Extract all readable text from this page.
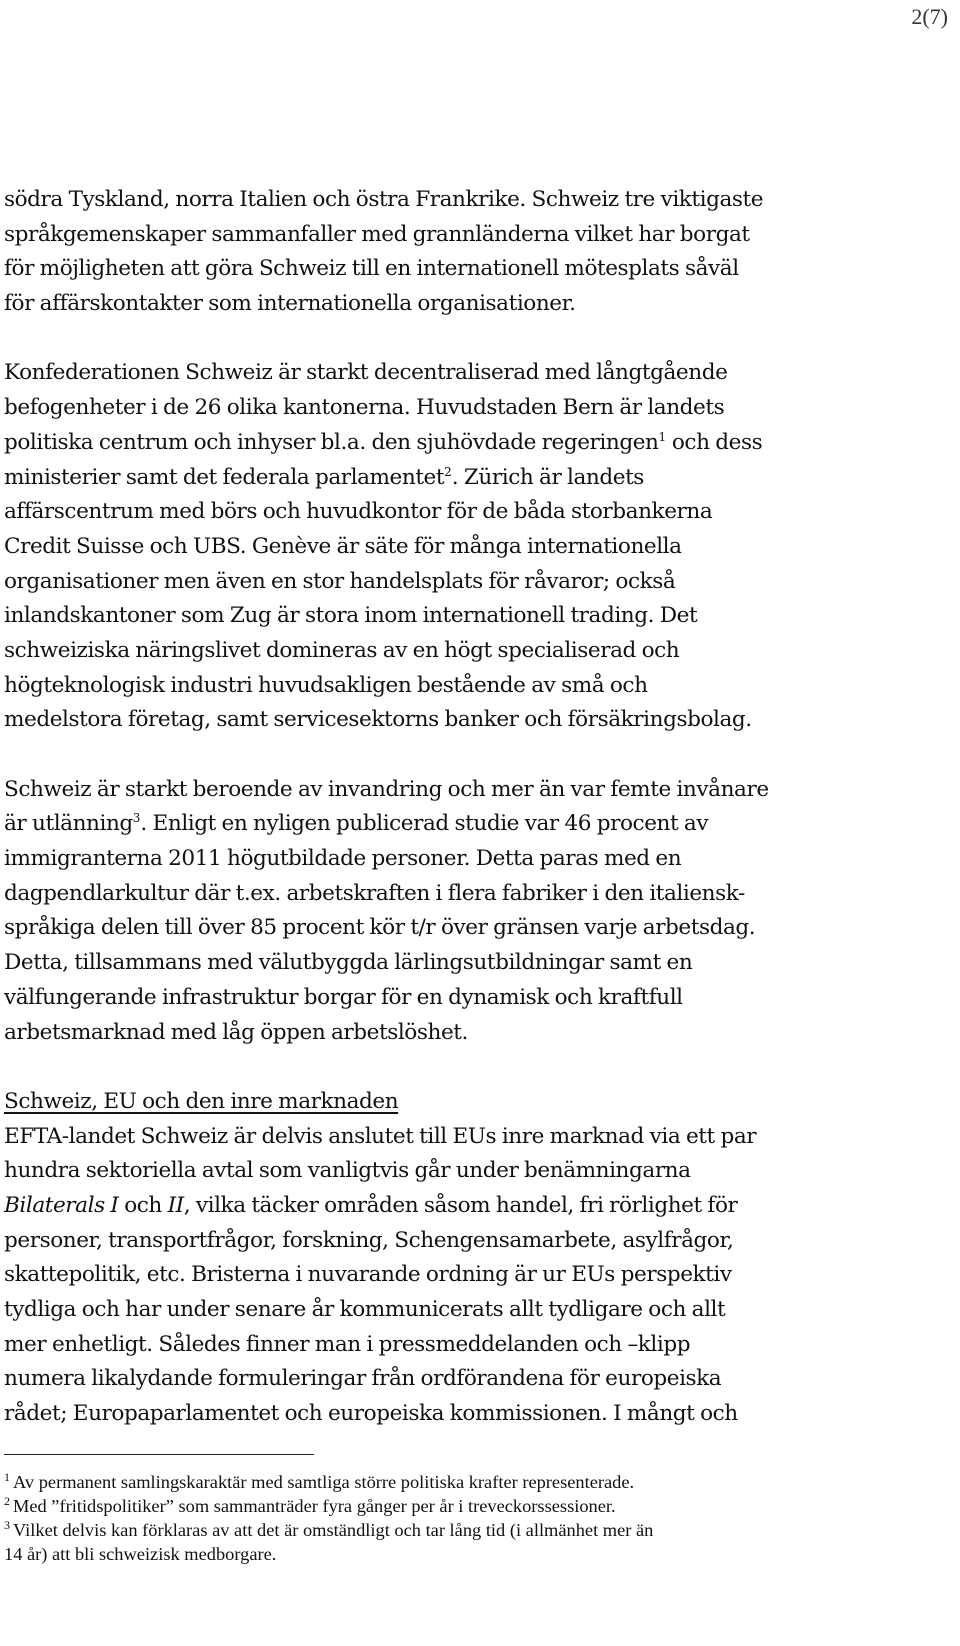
2(7)
södra Tyskland, norra Italien och östra Frankrike. Schweiz tre viktigaste
språkgemenskaper sammanfaller med grannländerna vilket har borgat
för möjligheten att göra Schweiz till en internationell mötesplats såväl
för affärskontakter som internationella organisationer.
Konfederationen Schweiz är starkt decentraliserad med långtgående
befogenheter i de 26 olika kantonerna. Huvudstaden Bern är landets
politiska centrum och inhyser bl.a. den sjuhövdade regeringen$^1$ och dess
ministerier samt det federala parlamentet$^2$. Zürich är landets
affärscentrum med börs och huvudkontor för de båda storbankerna
Credit Suisse och UBS. Genève är säte för många internationella
organisationer men även en stor handelsplats för råvaror; också
inlandskantoner som Zug är stora inom internationell trading. Det
schweiziska näringslivet domineras av en högt specialiserad och
högteknologisk industri huvudsakligen bestående av små och
medelstora företag, samt servicesektorns banker och försäkringsbolag.
Schweiz är starkt beroende av invandring och mer än var femte invånare
är utlänning$^3$. Enligt en nyligen publicerad studie var 46 procent av
immigranterna 2011 högutbildade personer. Detta paras med en
dagpendlarkultur där t.ex. arbetskraften i flera fabriker i den italiensk-
språkiga delen till över 85 procent kör t/r över gränsen varje arbetsdag.
Detta, tillsammans med välutbyggda lärlingsutbildningar samt en
välfungerande infrastruktur borgar för en dynamisk och kraftfull
arbetsmarknad med låg öppen arbetslöshet.
Schweiz, EU och den inre marknaden
EFTA-landet Schweiz är delvis anslutet till EUs inre marknad via ett par
hundra sektoriella avtal som vanligtvis går under benämningarna
Bilaterals I och II, vilka täcker områden såsom handel, fri rörlighet för
personer, transportfrågor, forskning, Schengensamarbete, asylfrågor,
skattepolitik, etc. Bristerna i nuvarande ordning är ur EUs perspektiv
tydliga och har under senare år kommunicerats allt tydligare och allt
mer enhetligt. Således finner man i pressmeddelanden och –klipp
numera likalydande formuleringar från ordförandena för europeiska
rådet; Europaparlamentet och europeiska kommissionen. I mångt och
$^1$ Av permanent samlingskaraktär med samtliga större politiska krafter representerade.
$^2$ Med ”fritidspolitiker” som sammanträder fyra gånger per år i treveckorssessioner.
$^3$ Vilket delvis kan förklaras av att det är omständligt och tar lång tid (i allmänhet mer än
14 år) att bli schweizisk medborgare.
